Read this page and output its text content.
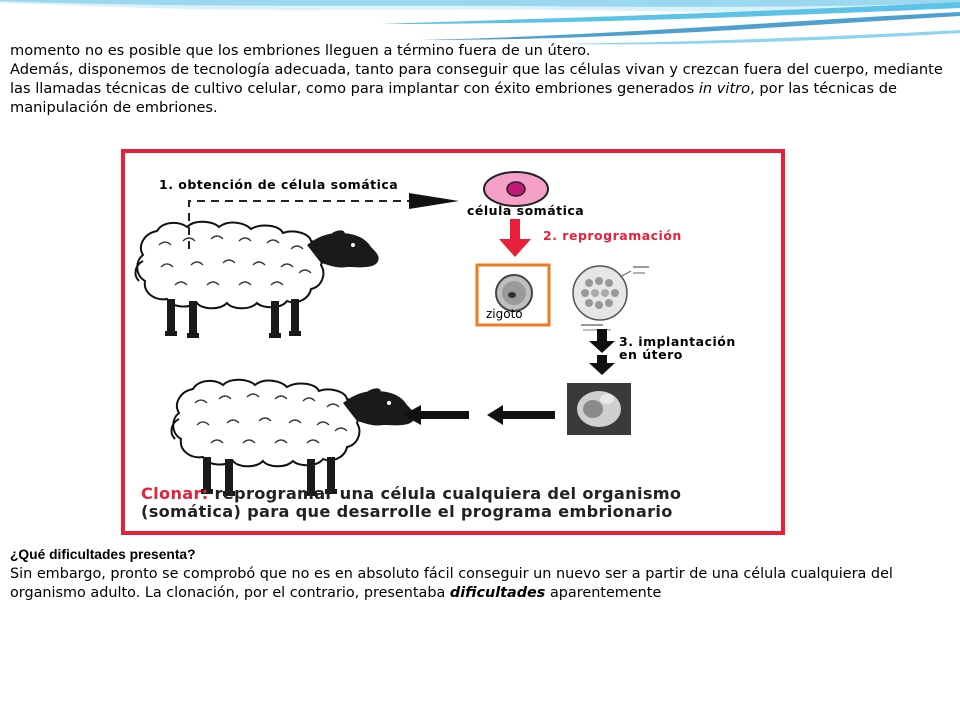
momento no es posible que los embriones lleguen a término fuera de un útero.

Además, disponemos de tecnología adecuada, tanto para conseguir que las células vivan y crezcan fuera del cuerpo, mediante las llamadas técnicas de cultivo celular, como para implantar con éxito embriones generados in vitro, por las técnicas de manipulación de embriones.

1. obtención de célula somática
célula somática
2. reprogramación
zigoto
3. implantación
en útero
Clonar: reprogramar una célula cualquiera del organismo
(somática) para que desarrolle el programa embrionario
¿Qué dificultades presenta?
Sin embargo, pronto se comprobó que no es en absoluto fácil conseguir un nuevo ser a partir de una célula cualquiera del organismo adulto. La clonación, por el contrario, presentaba dificultades aparentemente
